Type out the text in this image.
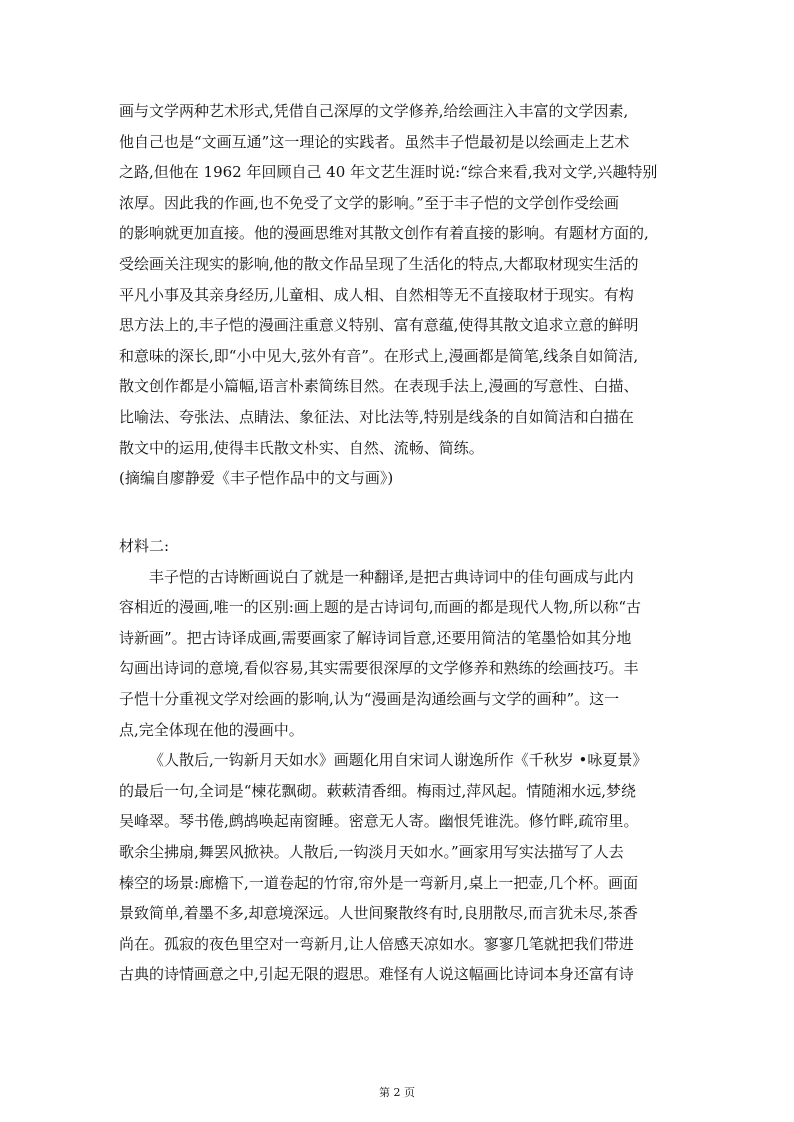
画与文学两种艺术形式,凭借自己深厚的文学修养,给绘画注入丰富的文学因素,
他自己也是“文画互通”这一理论的实践者。虽然丰子恺最初是以绘画走上艺术
之路,但他在 1962 年回顾自己 40 年文艺生涯时说:“综合来看,我对文学,兴趣特别
浓厚。因此我的作画,也不免受了文学的影响。”至于丰子恺的文学创作受绘画
的影响就更加直接。他的漫画思维对其散文创作有着直接的影响。有题材方面的,
受绘画关注现实的影响,他的散文作品呈现了生活化的特点,大都取材现实生活的
平凡小事及其亲身经历,儿童相、成人相、自然相等无不直接取材于现实。有构
思方法上的,丰子恺的漫画注重意义特别、富有意蕴,使得其散文追求立意的鲜明
和意味的深长,即“小中见大,弦外有音”。在形式上,漫画都是简笔,线条自如简洁,
散文创作都是小篇幅,语言朴素简练目然。在表现手法上,漫画的写意性、白描、
比喻法、夸张法、点睛法、象征法、对比法等,特别是线条的自如简洁和白描在
散文中的运用,使得丰氏散文朴实、自然、流畅、简练。
(摘编自廖静爱《丰子恺作品中的文与画》)
材料二:
丰子恺的古诗断画说白了就是一种翻译,是把古典诗词中的佳句画成与此内
容相近的漫画,唯一的区别:画上题的是古诗词句,而画的都是现代人物,所以称“古
诗新画”。把古诗译成画,需要画家了解诗词旨意,还要用简洁的笔墨恰如其分地
勾画出诗词的意境,看似容易,其实需要很深厚的文学修养和熟练的绘画技巧。丰
子恺十分重视文学对绘画的影响,认为“漫画是沟通绘画与文学的画种”。这一
点,完全体现在他的漫画中。
《人散后,一钩新月天如水》画题化用自宋词人谢逸所作《千秋岁 •咏夏景》
的最后一句,全词是“楝花飘砌。蔌蔌清香细。梅雨过,萍风起。情随湘水远,梦绕
吴峰翠。琴书倦,鹧鸪唤起南窗睡。密意无人寄。幽恨凭谁洗。修竹畔,疏帘里。
歌余尘拂扇,舞罢风掀袂。人散后,一钩淡月天如水。”画家用写实法描写了人去
榛空的场景:廊檐下,一道卷起的竹帘,帘外是一弯新月,桌上一把壶,几个杯。画面
景致简单,着墨不多,却意境深远。人世间聚散终有时,良朋散尽,而言犹未尽,茶香
尚在。孤寂的夜色里空对一弯新月,让人倍感天凉如水。寥寥几笔就把我们带进
古典的诗情画意之中,引起无限的遐思。难怪有人说这幅画比诗词本身还富有诗
第 2 页
